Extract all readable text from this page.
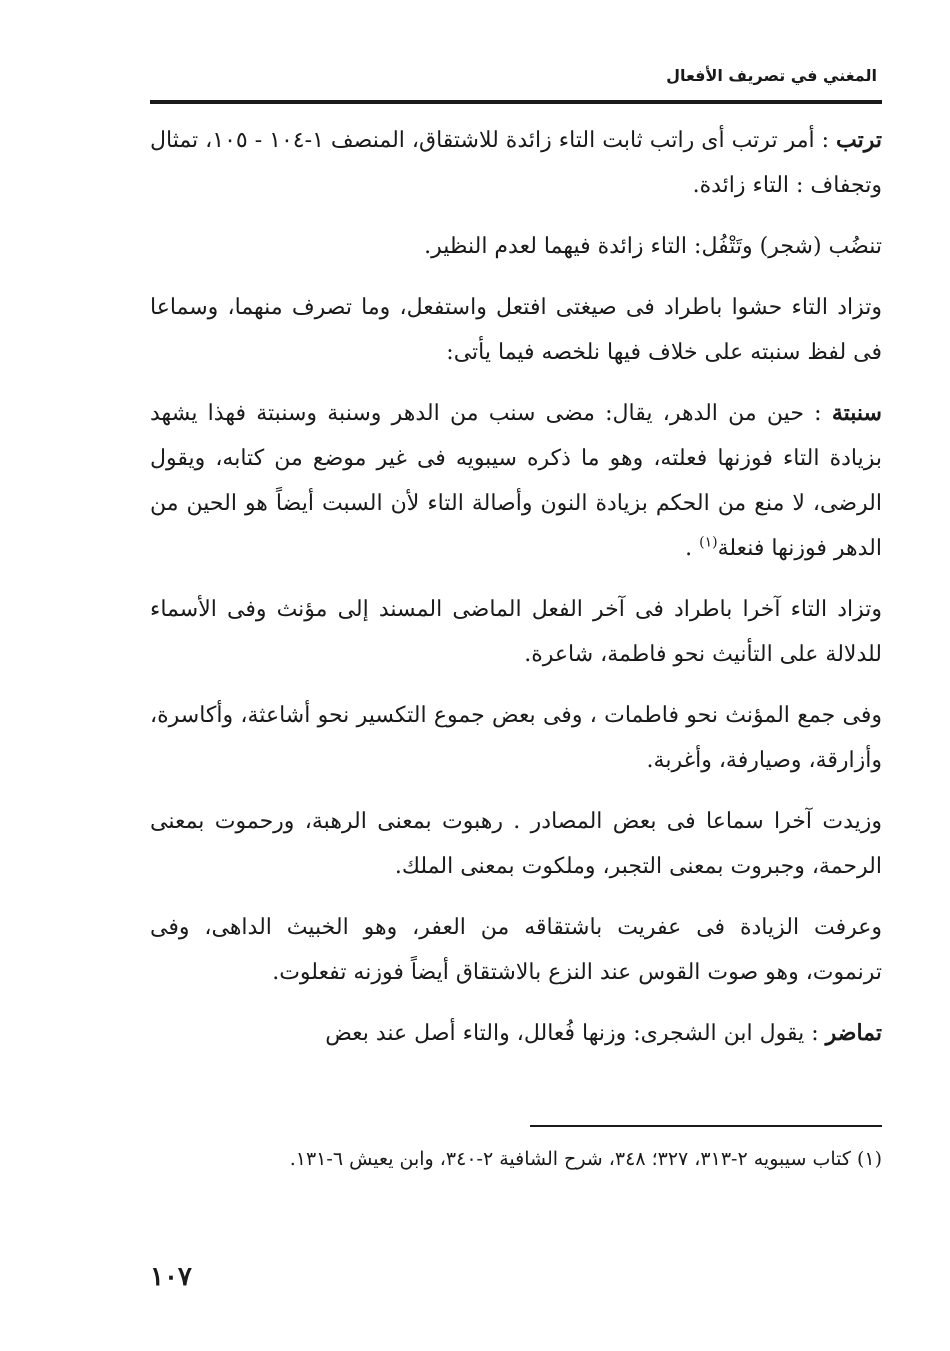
المغني في تصريف الأفعال

ترتب : أمر ترتب أى راتب ثابت التاء زائدة للاشتقاق، المنصف ١-١٠٤ - ١٠٥، تمثال وتجفاف : التاء زائدة.

تنضُب (شجر) وتَتْفُل: التاء زائدة فيهما لعدم النظير.

وتزاد التاء حشوا باطراد فى صيغتى افتعل واستفعل، وما تصرف منهما، وسماعا فى لفظ سنبته على خلاف فيها نلخصه فيما يأتى:

سنبتة : حين من الدهر، يقال: مضى سنب من الدهر وسنبة وسنبتة فهذا يشهد بزيادة التاء فوزنها فعلته، وهو ما ذكره سيبويه فى غير موضع من كتابه، ويقول الرضى، لا منع من الحكم بزيادة النون وأصالة التاء لأن السبت أيضاً هو الحين من الدهر فوزنها فنعلة$^{(١)}$ .

وتزاد التاء آخرا باطراد فى آخر الفعل الماضى المسند إلى مؤنث وفى الأسماء للدلالة على التأنيث نحو فاطمة، شاعرة.

وفى جمع المؤنث نحو فاطمات ، وفى بعض جموع التكسير نحو أشاعثة، وأكاسرة، وأزارقة، وصيارفة، وأغربة.

وزيدت آخرا سماعا فى بعض المصادر . رهبوت بمعنى الرهبة، ورحموت بمعنى الرحمة، وجبروت بمعنى التجبر، وملكوت بمعنى الملك.

وعرفت الزيادة فى عفريت باشتقاقه من العفر، وهو الخبيث الداهى، وفى ترنموت، وهو صوت القوس عند النزع بالاشتقاق أيضاً فوزنه تفعلوت.

تماضر : يقول ابن الشجرى: وزنها فُعالل، والتاء أصل عند بعض

(١) كتاب سيبويه ٢-٣١٣، ٣٢٧؛ ٣٤٨، شرح الشافية ٢-٣٤٠، وابن يعيش ٦-١٣١.
١٠٧
